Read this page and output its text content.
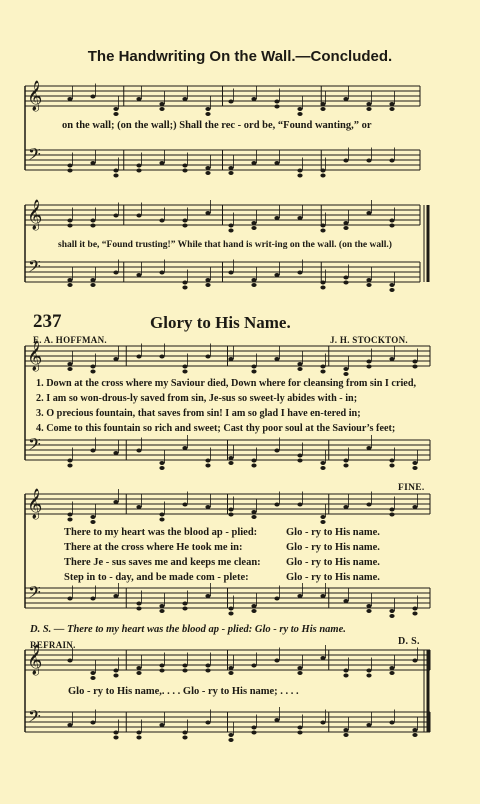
The Handwriting On the Wall.—Concluded.
𝄞
𝄢
𝄞
𝄢
𝄞
𝄢
𝄞
𝄢
𝄞
𝄢
on the wall; (on the wall;) Shall the rec - ord be, “Found wanting,” or
shall it be, “Found trusting!” While that hand is writ-ing on the wall. (on the wall.)
237	Glory to His Name.
E. A. HOFFMAN.	J. H. STOCKTON.
1. Down at the cross where my Saviour died, Down where for cleansing from sin I cried,
2. I am so won-drous-ly saved from sin, Je-sus so sweet-ly abides with - in;
3. O precious fountain, that saves from sin! I am so glad I have en-tered in;
4. Come to this fountain so rich and sweet; Cast thy poor soul at the Saviour’s feet;
There to my heart was the blood ap - plied:
There at the cross where He took me in:
There Je - sus saves me and keeps me clean:
Step in to - day, and be made com - plete:
Glo - ry to His name.
Glo - ry to His name.
Glo - ry to His name.
Glo - ry to His name.
FINE.
D. S. — There to my heart was the blood ap - plied: Glo - ry to His name.
REFRAIN.	D. S.
Glo - ry to His name,. . . . Glo - ry to His name; . . . .
